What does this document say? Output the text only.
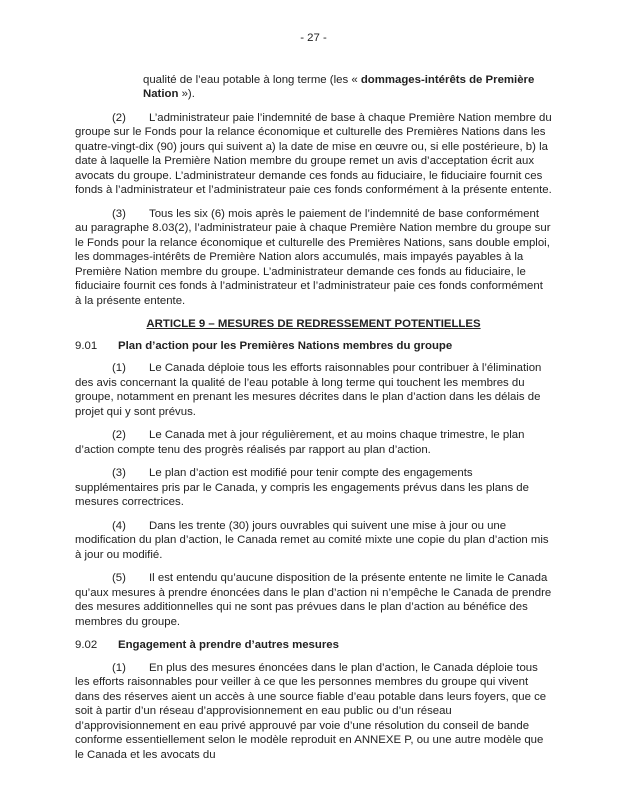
- 27 -

qualité de l’eau potable à long terme (les « dommages-intérêts de Première Nation »).

(2) L’administrateur paie l’indemnité de base à chaque Première Nation membre du groupe sur le Fonds pour la relance économique et culturelle des Premières Nations dans les quatre-vingt-dix (90) jours qui suivent a) la date de mise en œuvre ou, si elle postérieure, b) la date à laquelle la Première Nation membre du groupe remet un avis d’acceptation écrit aux avocats du groupe. L’administrateur demande ces fonds au fiduciaire, le fiduciaire fournit ces fonds à l’administrateur et l’administrateur paie ces fonds conformément à la présente entente.

(3) Tous les six (6) mois après le paiement de l’indemnité de base conformément au paragraphe 8.03(2), l’administrateur paie à chaque Première Nation membre du groupe sur le Fonds pour la relance économique et culturelle des Premières Nations, sans double emploi, les dommages-intérêts de Première Nation alors accumulés, mais impayés payables à la Première Nation membre du groupe. L’administrateur demande ces fonds au fiduciaire, le fiduciaire fournit ces fonds à l’administrateur et l’administrateur paie ces fonds conformément à la présente entente.

ARTICLE 9 – MESURES DE REDRESSEMENT POTENTIELLES

9.01 Plan d’action pour les Premières Nations membres du groupe

(1) Le Canada déploie tous les efforts raisonnables pour contribuer à l’élimination des avis concernant la qualité de l’eau potable à long terme qui touchent les membres du groupe, notamment en prenant les mesures décrites dans le plan d’action dans les délais de projet qui y sont prévus.

(2) Le Canada met à jour régulièrement, et au moins chaque trimestre, le plan d’action compte tenu des progrès réalisés par rapport au plan d’action.

(3) Le plan d’action est modifié pour tenir compte des engagements supplémentaires pris par le Canada, y compris les engagements prévus dans les plans de mesures correctrices.

(4) Dans les trente (30) jours ouvrables qui suivent une mise à jour ou une modification du plan d’action, le Canada remet au comité mixte une copie du plan d’action mis à jour ou modifié.

(5) Il est entendu qu’aucune disposition de la présente entente ne limite le Canada qu’aux mesures à prendre énoncées dans le plan d’action ni n’empêche le Canada de prendre des mesures additionnelles qui ne sont pas prévues dans le plan d’action au bénéfice des membres du groupe.

9.02 Engagement à prendre d’autres mesures

(1) En plus des mesures énoncées dans le plan d’action, le Canada déploie tous les efforts raisonnables pour veiller à ce que les personnes membres du groupe qui vivent dans des réserves aient un accès à une source fiable d’eau potable dans leurs foyers, que ce soit à partir d’un réseau d’approvisionnement en eau public ou d’un réseau d’approvisionnement en eau privé approuvé par voie d’une résolution du conseil de bande conforme essentiellement selon le modèle reproduit en ANNEXE P, ou une autre modèle que le Canada et les avocats du
